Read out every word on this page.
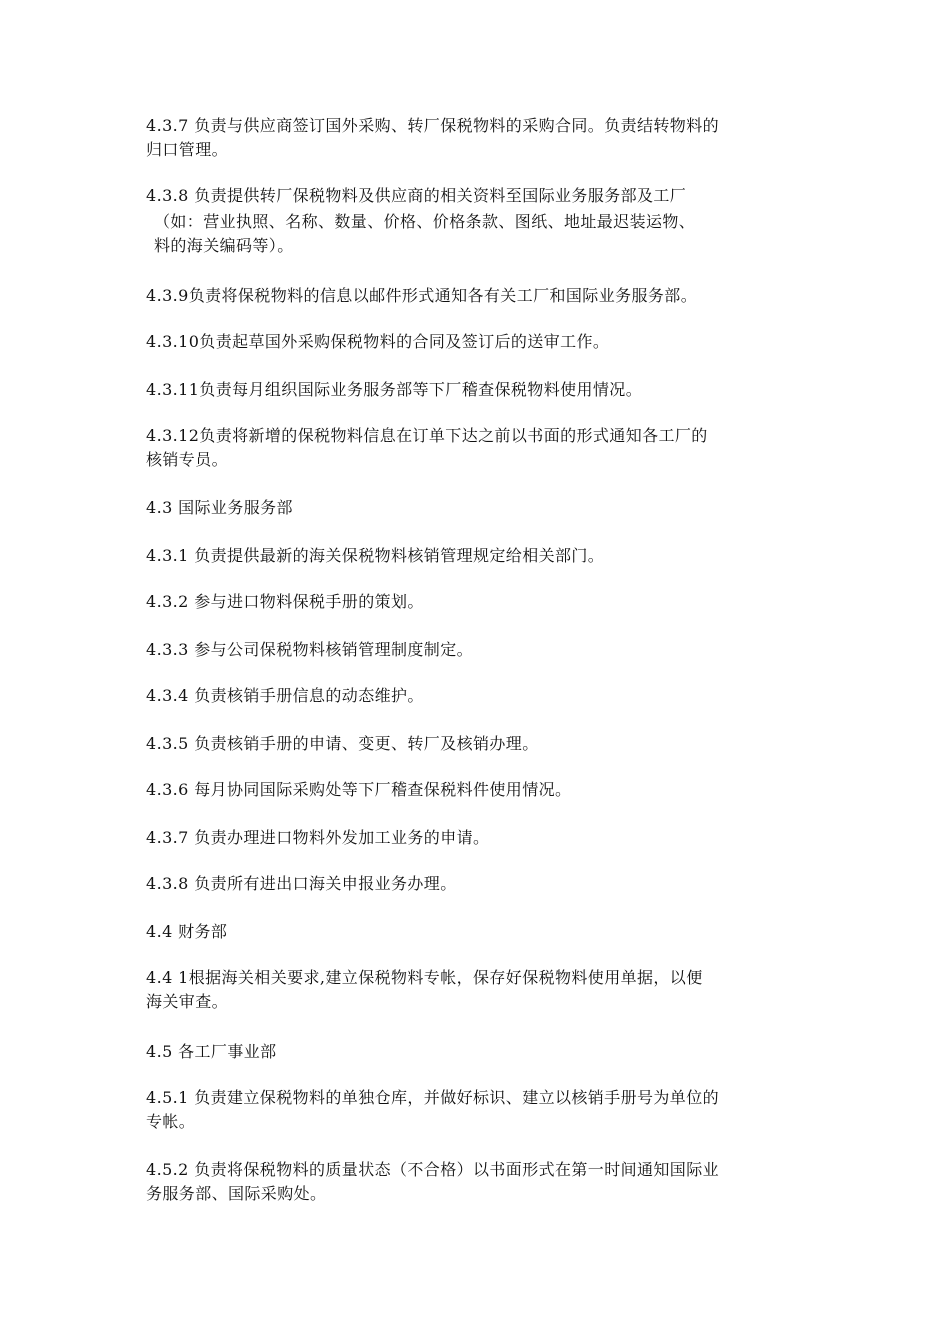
4.3.7 负责与供应商签订国外采购、转厂保税物料的采购合同。负责结转物料的
归口管理。

4.3.8 负责提供转厂保税物料及供应商的相关资料至国际业务服务部及工厂

（如：营业执照、名称、数量、价格、价格条款、图纸、地址最迟装运物、
料的海关编码等）。

4.3.9负责将保税物料的信息以邮件形式通知各有关工厂和国际业务服务部。

4.3.10负责起草国外采购保税物料的合同及签订后的送审工作。

4.3.11负责每月组织国际业务服务部等下厂稽查保税物料使用情况。

4.3.12负责将新增的保税物料信息在订单下达之前以书面的形式通知各工厂的
核销专员。

4.3 国际业务服务部

4.3.1 负责提供最新的海关保税物料核销管理规定给相关部门。

4.3.2 参与进口物料保税手册的策划。

4.3.3 参与公司保税物料核销管理制度制定。

4.3.4 负责核销手册信息的动态维护。

4.3.5 负责核销手册的申请、变更、转厂及核销办理。

4.3.6 每月协同国际采购处等下厂稽查保税料件使用情况。

4.3.7 负责办理进口物料外发加工业务的申请。

4.3.8 负责所有进出口海关申报业务办理。

4.4 财务部

4.4 1根据海关相关要求,建立保税物料专帐，保存好保税物料使用单据，以便
海关审查。

4.5 各工厂事业部

4.5.1 负责建立保税物料的单独仓库，并做好标识、建立以核销手册号为单位的
专帐。

4.5.2 负责将保税物料的质量状态（不合格）以书面形式在第一时间通知国际业
务服务部、国际采购处。
